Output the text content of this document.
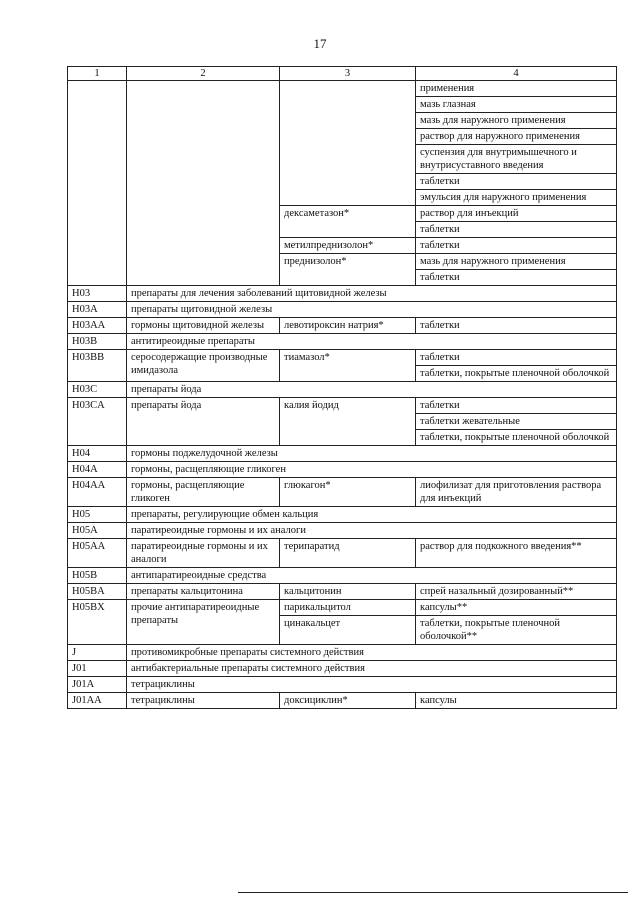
17
1	2	3	4
			применения
			мазь глазная
			мазь для наружного применения
			раствор для наружного применения
			суспензия для внутримышечного и внутрисуставного введения
			таблетки
			эмульсия для наружного применения
		дексаметазон*	раствор для инъекций
			таблетки
		метилпреднизолон*	таблетки
		преднизолон*	мазь для наружного применения
			таблетки
H03	препараты для лечения заболеваний щитовидной железы		
H03A	препараты щитовидной железы		
H03AA	гормоны щитовидной железы	левотироксин натрия*	таблетки
H03B	антитиреоидные препараты		
H03BB	серосодержащие производные имидазола	тиамазол*	таблетки
			таблетки, покрытые пленочной оболочкой
H03C	препараты йода		
H03CA	препараты йода	калия йодид	таблетки
			таблетки жевательные
			таблетки, покрытые пленочной оболочкой
H04	гормоны поджелудочной железы		
H04A	гормоны, расщепляющие гликоген		
H04AA	гормоны, расщепляющие гликоген	глюкагон*	лиофилизат для приготовления раствора для инъекций
H05	препараты, регулирующие обмен кальция		
H05A	паратиреоидные гормоны и их аналоги		
H05AA	паратиреоидные гормоны и их аналоги	терипаратид	раствор для подкожного введения**
H05B	антипаратиреоидные средства		
H05BA	препараты кальцитонина	кальцитонин	спрей назальный дозированный**
H05BX	прочие антипаратиреоидные препараты	парикальцитол	капсулы**
		цинакальцет	таблетки, покрытые пленочной оболочкой**
J	противомикробные препараты системного действия		
J01	антибактериальные препараты системного действия		
J01A	тетрациклины		
J01AA	тетрациклины	доксициклин*	капсулы
